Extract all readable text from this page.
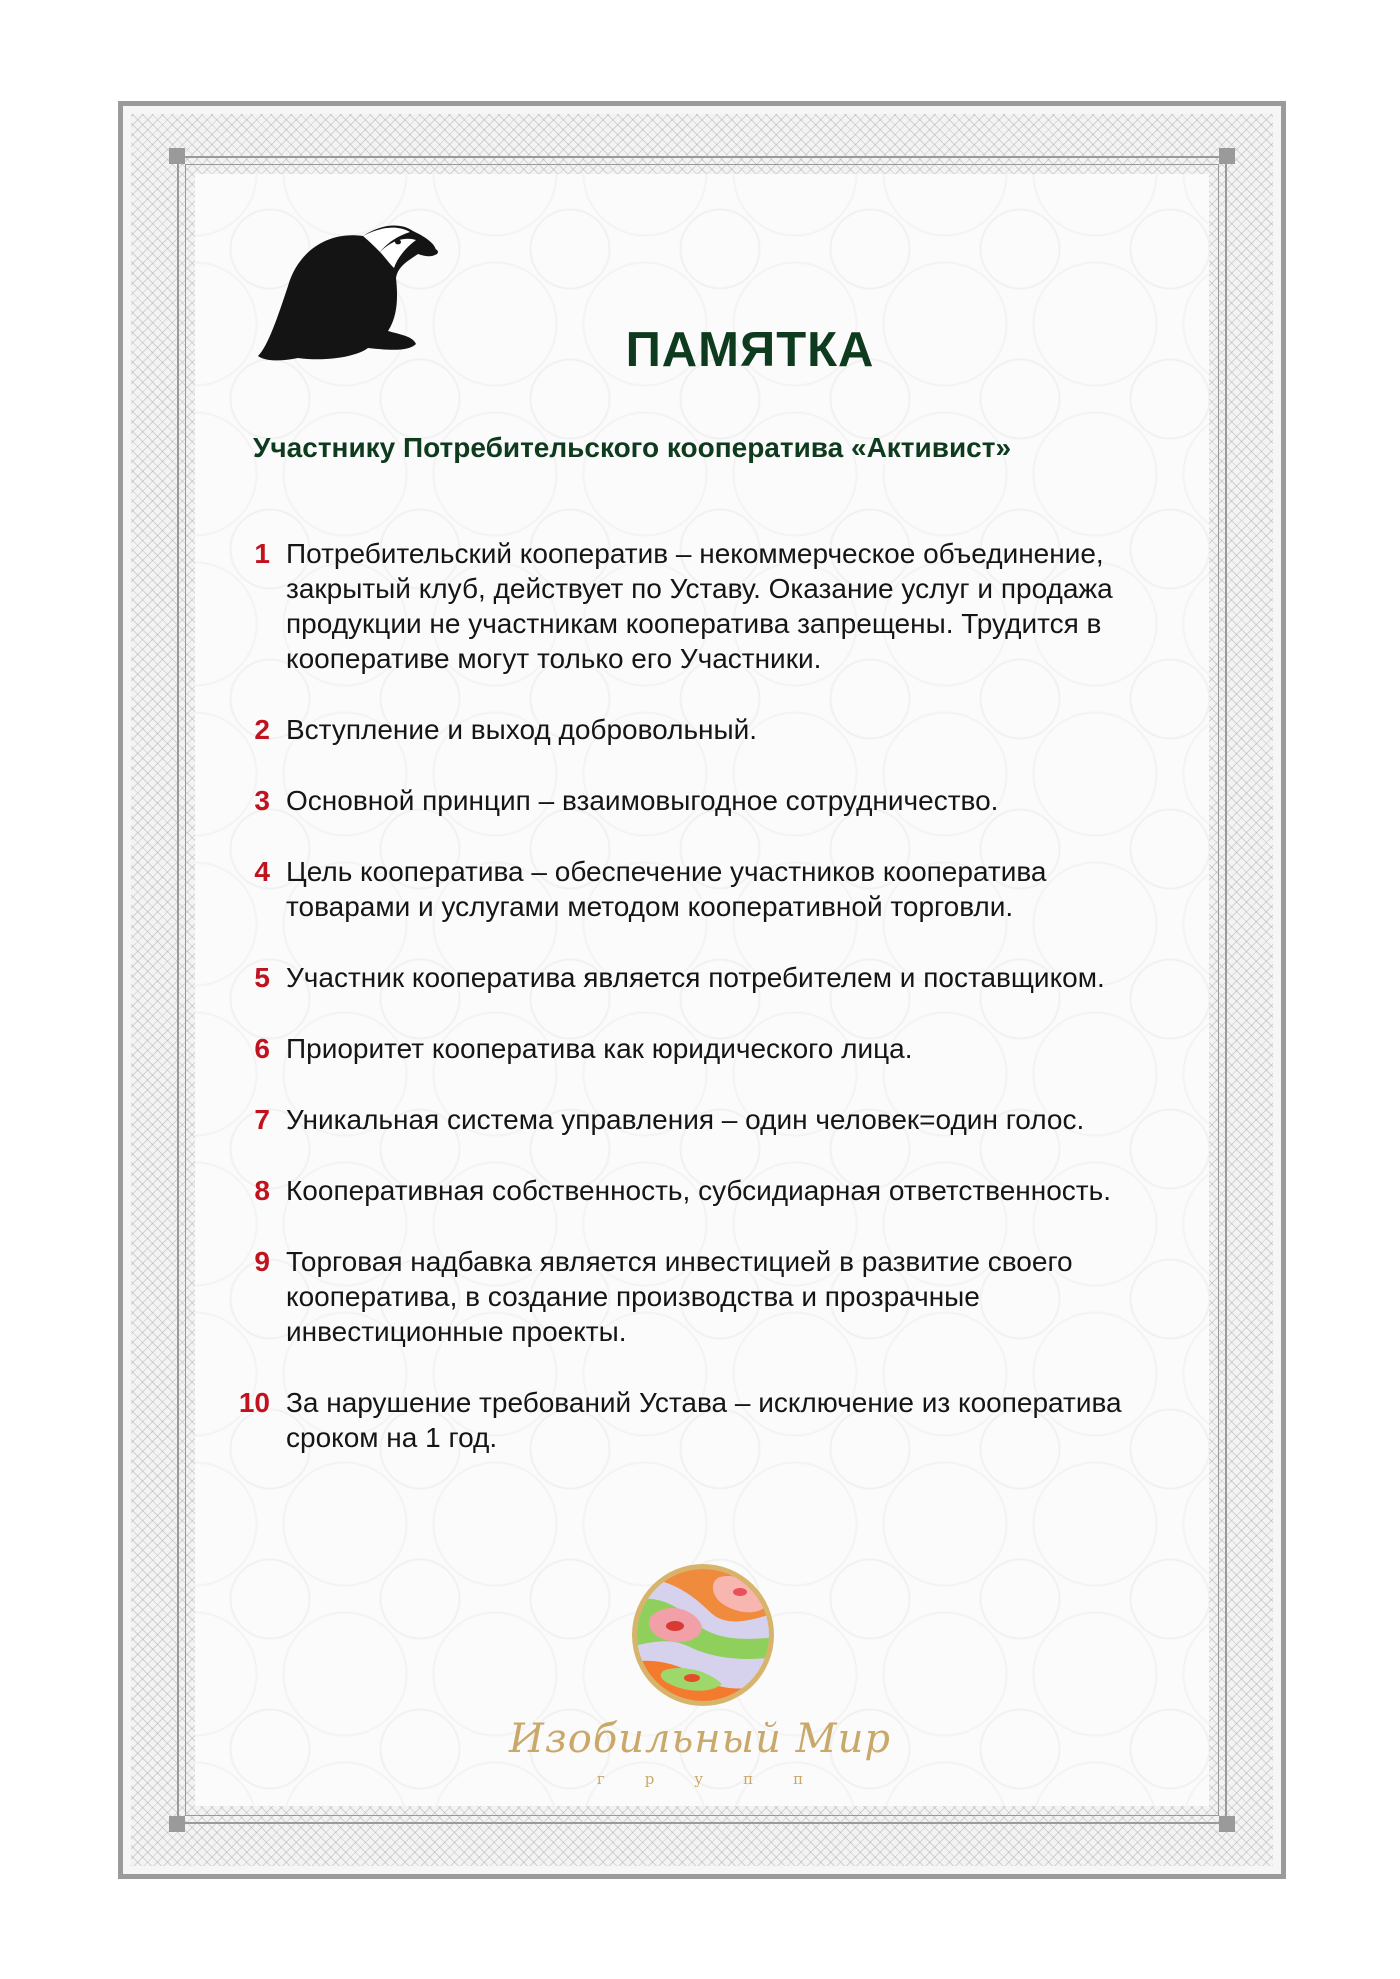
ПАМЯТКА
Участнику Потребительского кооператива «Активист»
1 Потребительский кооператив – некоммерческое объединение, закрытый клуб, действует по Уставу. Оказание услуг и продажа продукции не участникам кооператива запрещены. Трудится в кооперативе могут только его Участники.
2 Вступление и выход добровольный.
3 Основной принцип – взаимовыгодное сотрудничество.
4 Цель кооператива – обеспечение участников кооператива товарами и услугами методом кооперативной торговли.
5 Участник кооператива является потребителем и поставщиком.
6 Приоритет кооператива как юридического лица.
7 Уникальная система управления – один человек=один голос.
8 Кооперативная собственность, субсидиарная ответственность.
9 Торговая надбавка является инвестицией в развитие своего кооператива, в создание производства и прозрачные инвестиционные проекты.
10 За нарушение требований Устава – исключение из кооператива сроком на 1 год.
Изобильный Мир
групп
